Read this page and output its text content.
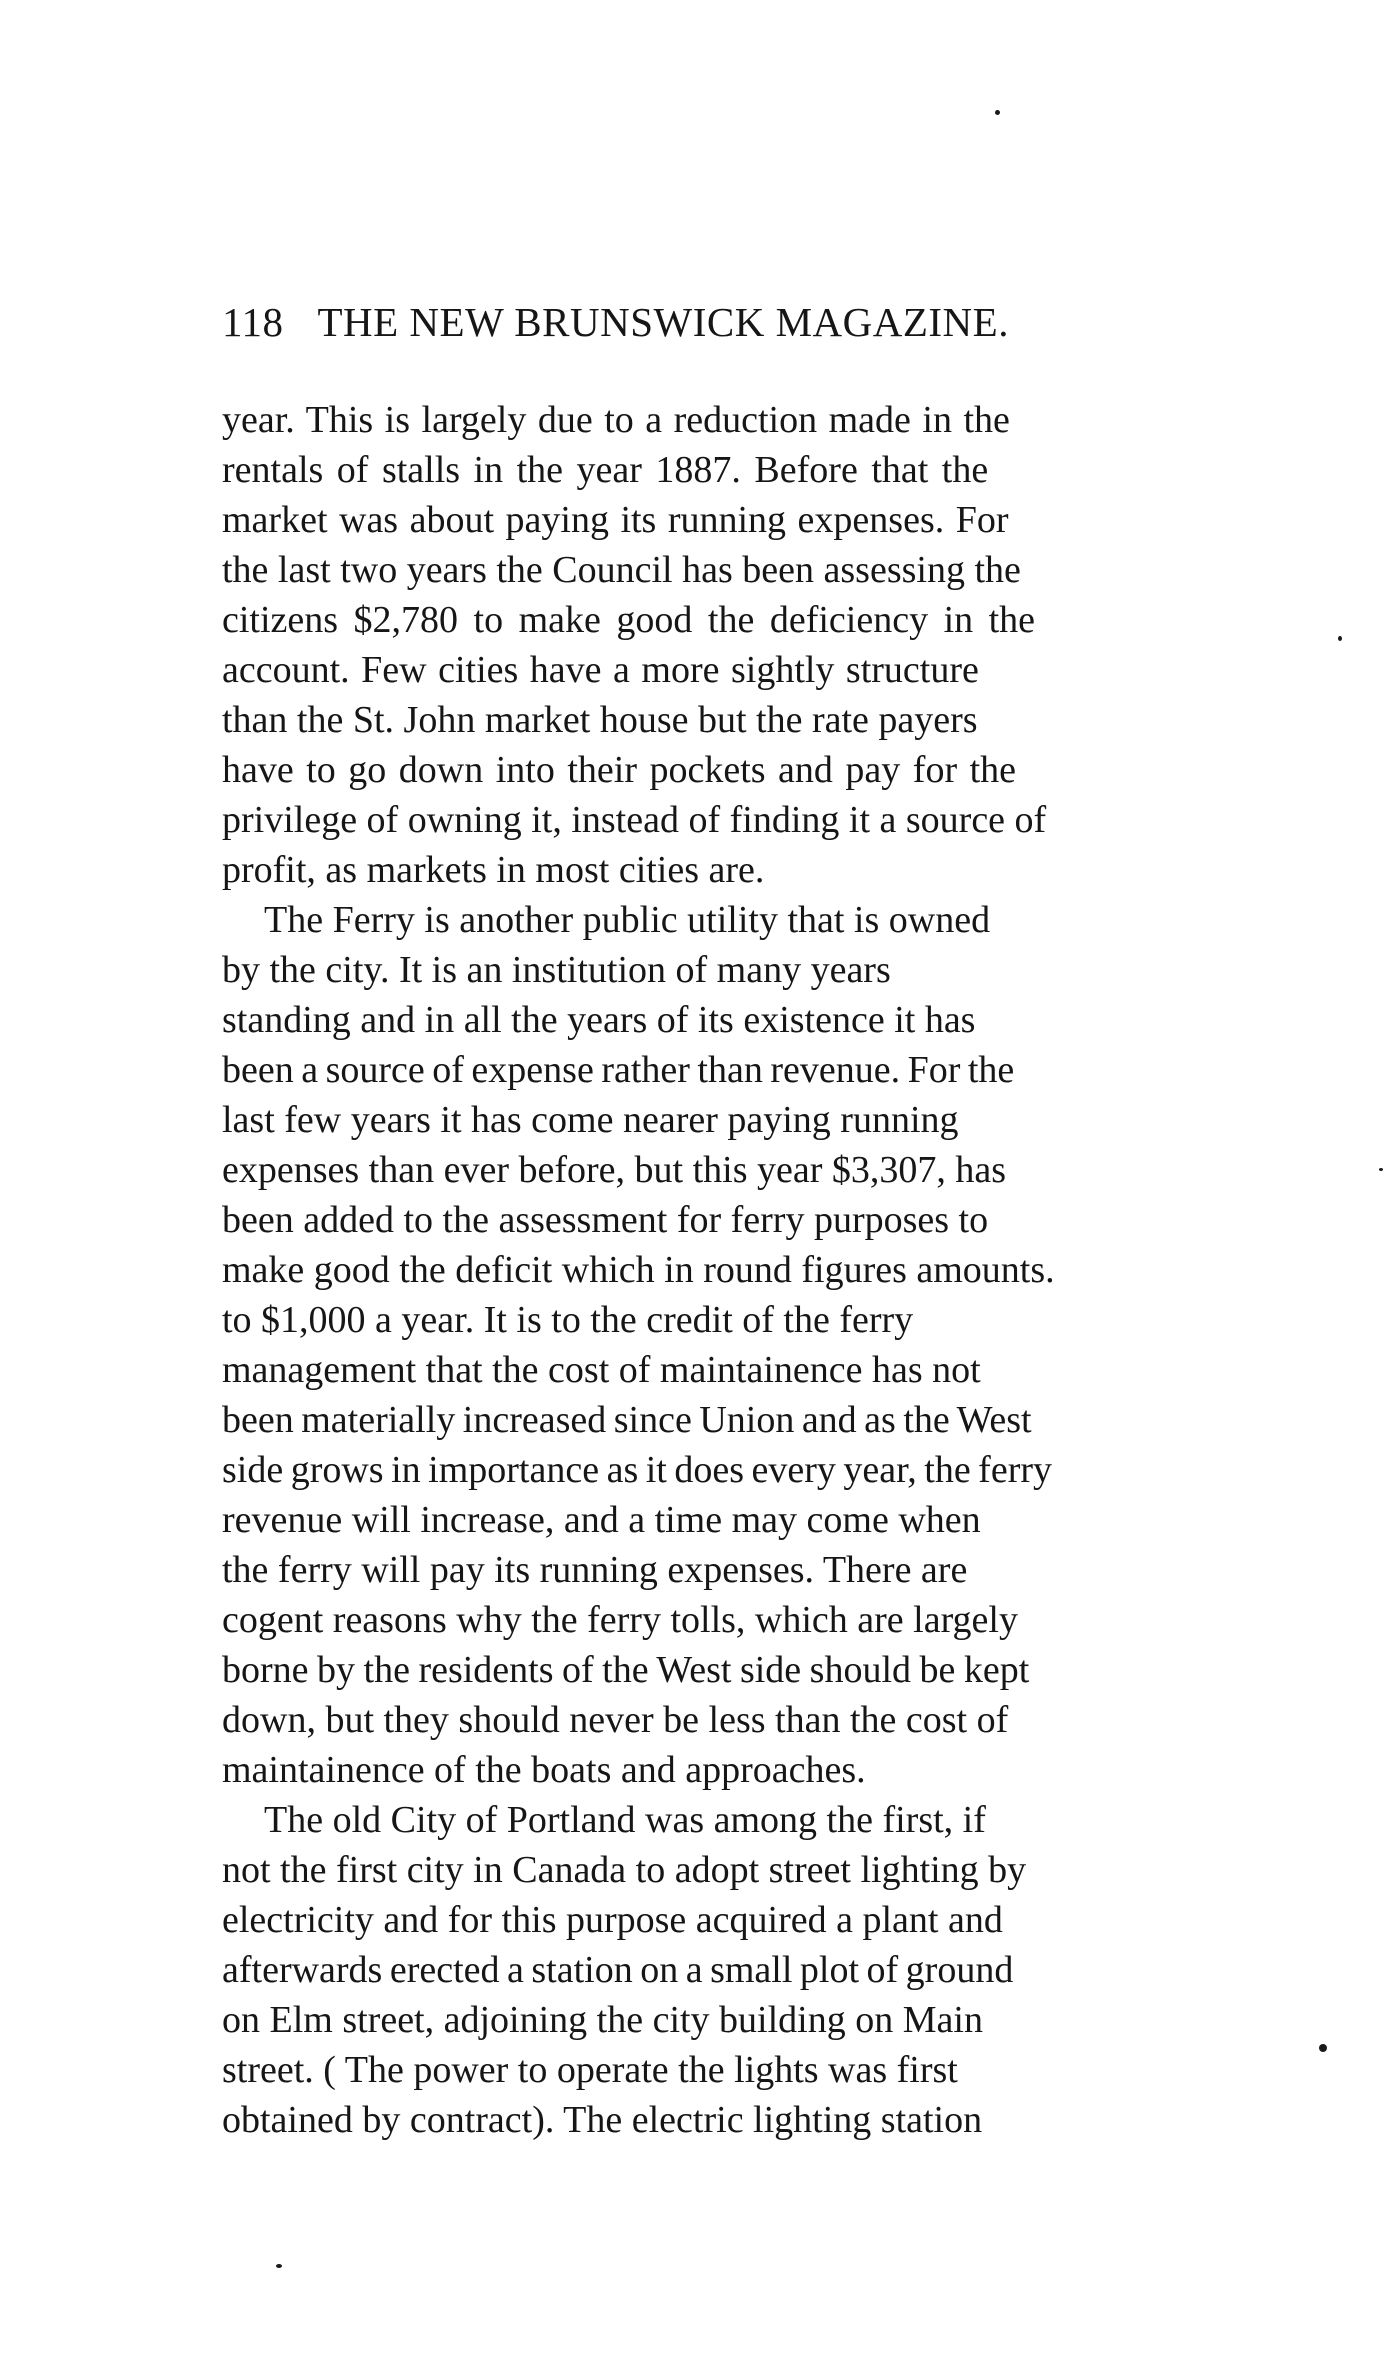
118 THE NEW BRUNSWICK MAGAZINE.
year. This is largely due to a reduction made in the
rentals of stalls in the year 1887. Before that the
market was about paying its running expenses. For
the last two years the Council has been assessing the
citizens $2,780 to make good the deficiency in the
account. Few cities have a more sightly structure
than the St. John market house but the rate payers
have to go down into their pockets and pay for the
privilege of owning it, instead of finding it a source of
profit, as markets in most cities are.
The Ferry is another public utility that is owned
by the city. It is an institution of many years
standing and in all the years of its existence it has
been a source of expense rather than revenue. For the
last few years it has come nearer paying running
expenses than ever before, but this year $3,307, has
been added to the assessment for ferry purposes to
make good the deficit which in round figures amounts.
to $1,000 a year. It is to the credit of the ferry
management that the cost of maintainence has not
been materially increased since Union and as the West
side grows in importance as it does every year, the ferry
revenue will increase, and a time may come when
the ferry will pay its running expenses. There are
cogent reasons why the ferry tolls, which are largely
borne by the residents of the West side should be kept
down, but they should never be less than the cost of
maintainence of the boats and approaches.
The old City of Portland was among the first, if
not the first city in Canada to adopt street lighting by
electricity and for this purpose acquired a plant and
afterwards erected a station on a small plot of ground
on Elm street, adjoining the city building on Main
street. ( The power to operate the lights was first
obtained by contract). The electric lighting station
